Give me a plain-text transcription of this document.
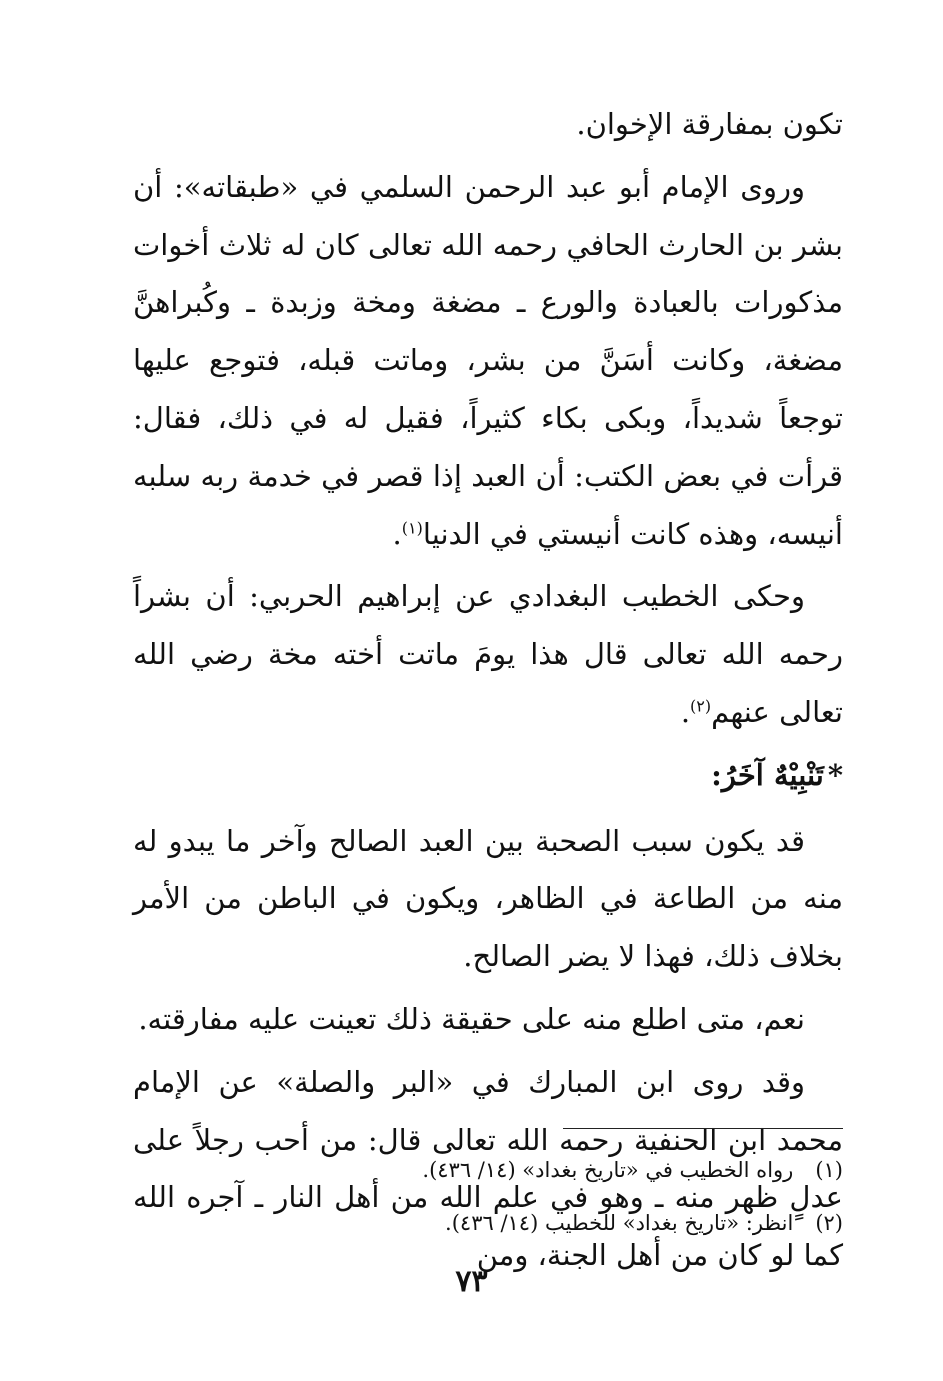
تكون بمفارقة الإخوان.

وروى الإمام أبو عبد الرحمن السلمي في «طبقاته»: أن بشر بن الحارث الحافي رحمه الله تعالى كان له ثلاث أخوات مذكورات بالعبادة والورع ـ مضغة ومخة وزبدة ـ وكُبراهنَّ مضغة، وكانت أسَنَّ من بشر، وماتت قبله، فتوجع عليها توجعاً شديداً، وبكى بكاء كثيراً، فقيل له في ذلك، فقال: قرأت في بعض الكتب: أن العبد إذا قصر في خدمة ربه سلبه أنيسه، وهذه كانت أنيستي في الدنيا$^{(١)}$.

وحكى الخطيب البغدادي عن إبراهيم الحربي: أن بشراً رحمه الله تعالى قال هذا يومَ ماتت أخته مخة رضي الله تعالى عنهم$^{(٢)}$.

*تَنْبِيْهٌ آخَرُ:

قد يكون سبب الصحبة بين العبد الصالح وآخر ما يبدو له منه من الطاعة في الظاهر، ويكون في الباطن من الأمر بخلاف ذلك، فهذا لا يضر الصالح.

نعم، متى اطلع منه على حقيقة ذلك تعينت عليه مفارقته.

وقد روى ابن المبارك في «البر والصلة» عن الإمام محمد ابن الحنفية رحمه الله تعالى قال: من أحب رجلاً على عدلٍ ظهر منه ـ وهو في علم الله من أهل النار ـ آجره الله كما لو كان من أهل الجنة، ومن

(١)رواه الخطيب في «تاريخ بغداد» (١٤/ ٤٣٦).

(٢)انظر: «تاريخ بغداد» للخطيب (١٤/ ٤٣٦).

٧٣
